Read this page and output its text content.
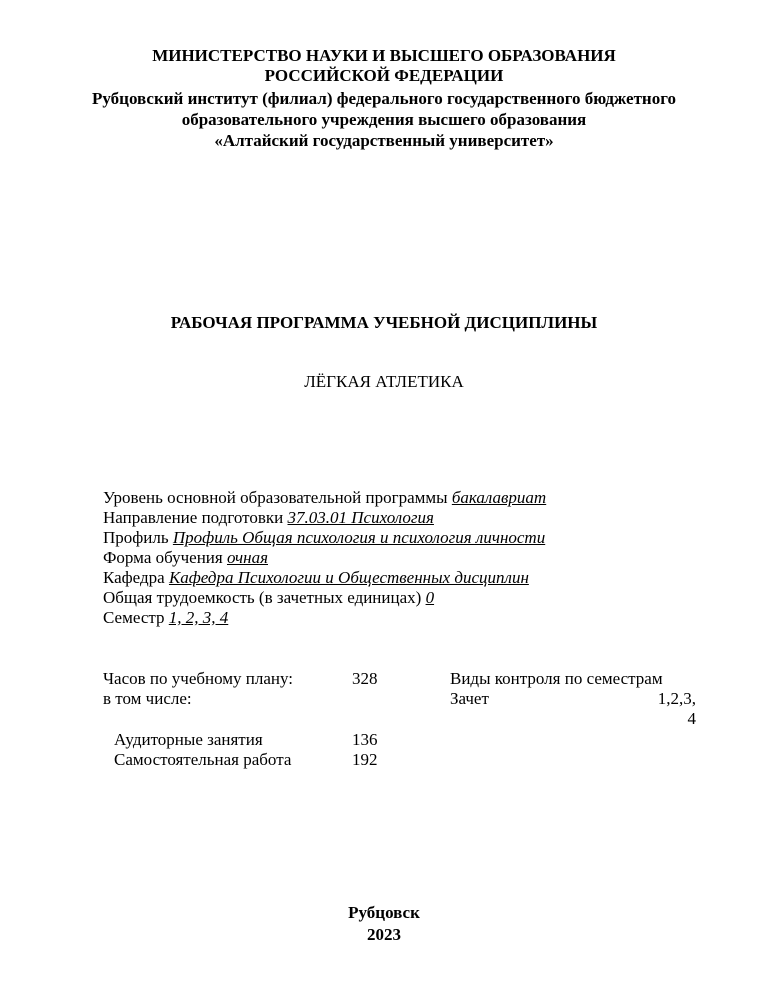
МИНИСТЕРСТВО НАУКИ И ВЫСШЕГО ОБРАЗОВАНИЯ
РОССИЙСКОЙ ФЕДЕРАЦИИ
Рубцовский институт (филиал) федерального государственного бюджетного
образовательного учреждения высшего образования
«Алтайский государственный университет»
РАБОЧАЯ ПРОГРАММА УЧЕБНОЙ ДИСЦИПЛИНЫ
ЛЁГКАЯ АТЛЕТИКА
Уровень основной образовательной программы бакалавриат
Направление подготовки 37.03.01 Психология
Профиль Профиль Общая психология и психология личности
Форма обучения очная
Кафедра Кафедра Психологии и Общественных дисциплин
Общая трудоемкость (в зачетных единицах) 0
Семестр 1, 2, 3, 4
Часов по учебному плану:	328
в том числе:
Аудиторные занятия	136
Самостоятельная работа	192
Виды контроля по семестрам
Зачет	1,2,3,
4
Рубцовск
2023
